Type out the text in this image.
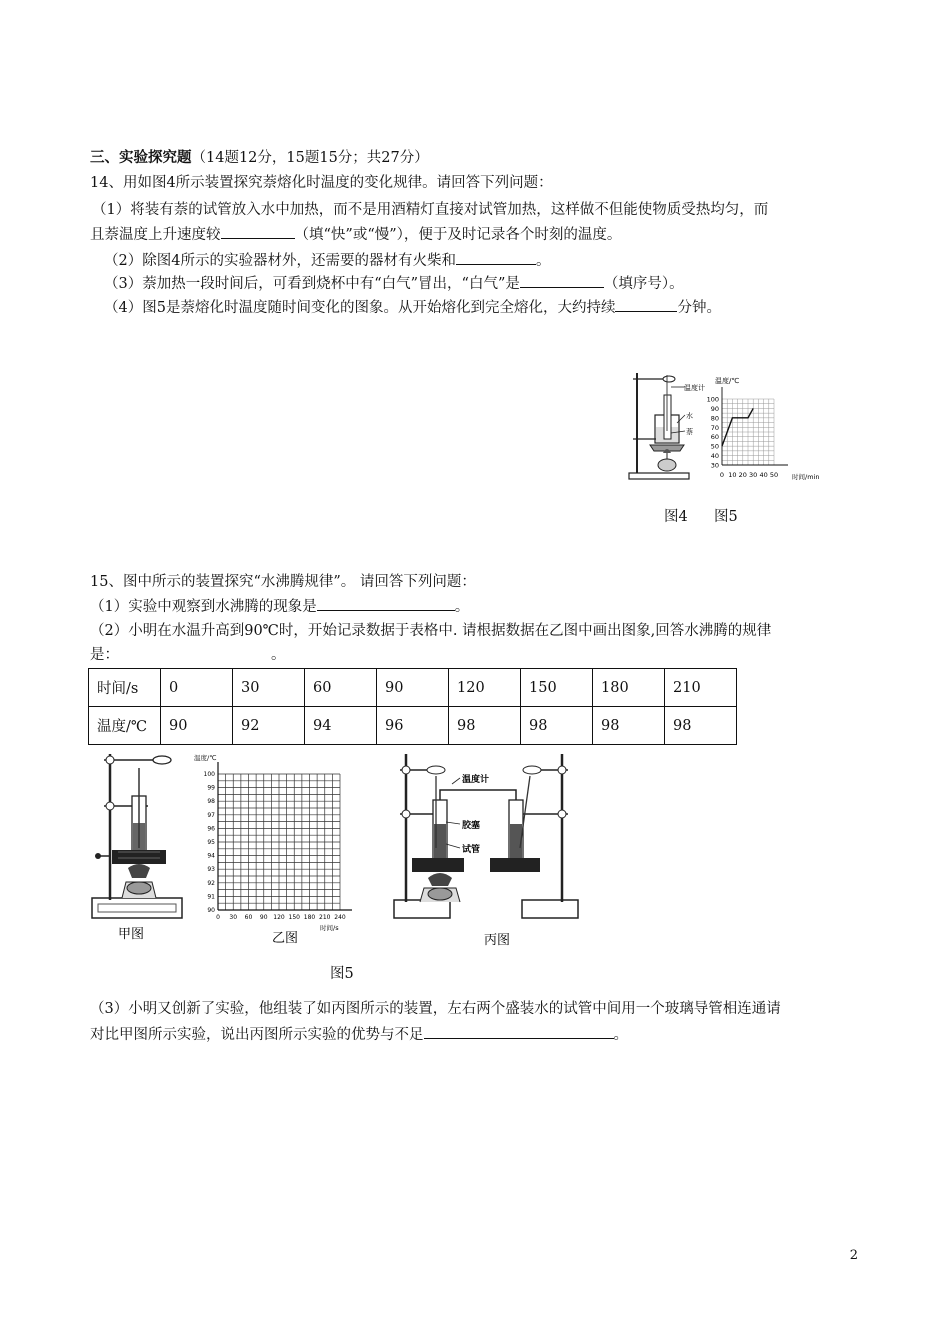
三、实验探究题（14题12分，15题15分；共27分）
14、用如图4所示装置探究萘熔化时温度的变化规律。请回答下列问题：
（1）将装有萘的试管放入水中加热，而不是用酒精灯直接对试管加热，这样做不但能使物质受热均匀，而
且萘温度上升速度较	（填“快”或“慢”），便于及时记录各个时刻的温度。
（2）除图4所示的实验器材外，还需要的器材有火柴和	。
（3）萘加热一段时间后，可看到烧杯中有“白气”冒出，“白气”是	（填序号）。
（4）图5是萘熔化时温度随时间变化的图象。从开始熔化到完全熔化，大约持续	分钟。
温度计
水
萘
温度/℃
时间/min
30
40
50
60
70
80
90
100
0 10 20 30 40 50
图4 图5
15、图中所示的装置探究“水沸腾规律”。 请回答下列问题：
（1）实验中观察到水沸腾的现象是	。
（2）小明在水温升高到90℃时，开始记录数据于表格中. 请根据数据在乙图中画出图象,回答水沸腾的规律
是：	。
时间/s	0	30	60	90	120	150	180	210
温度/℃	90	92	94	96	98	98	98	98
甲图
温度/℃
时间/s
90
91
92
93
94
95
96
97
98
99
100
0 30 60 90 120 150 180 210 240
乙图
温度计
胶塞
试管
丙图
图5
（3）小明又创新了实验，他组装了如丙图所示的装置，左右两个盛装水的试管中间用一个玻璃导管相连通请
对比甲图所示实验，说出丙图所示实验的优势与不足	。
2
